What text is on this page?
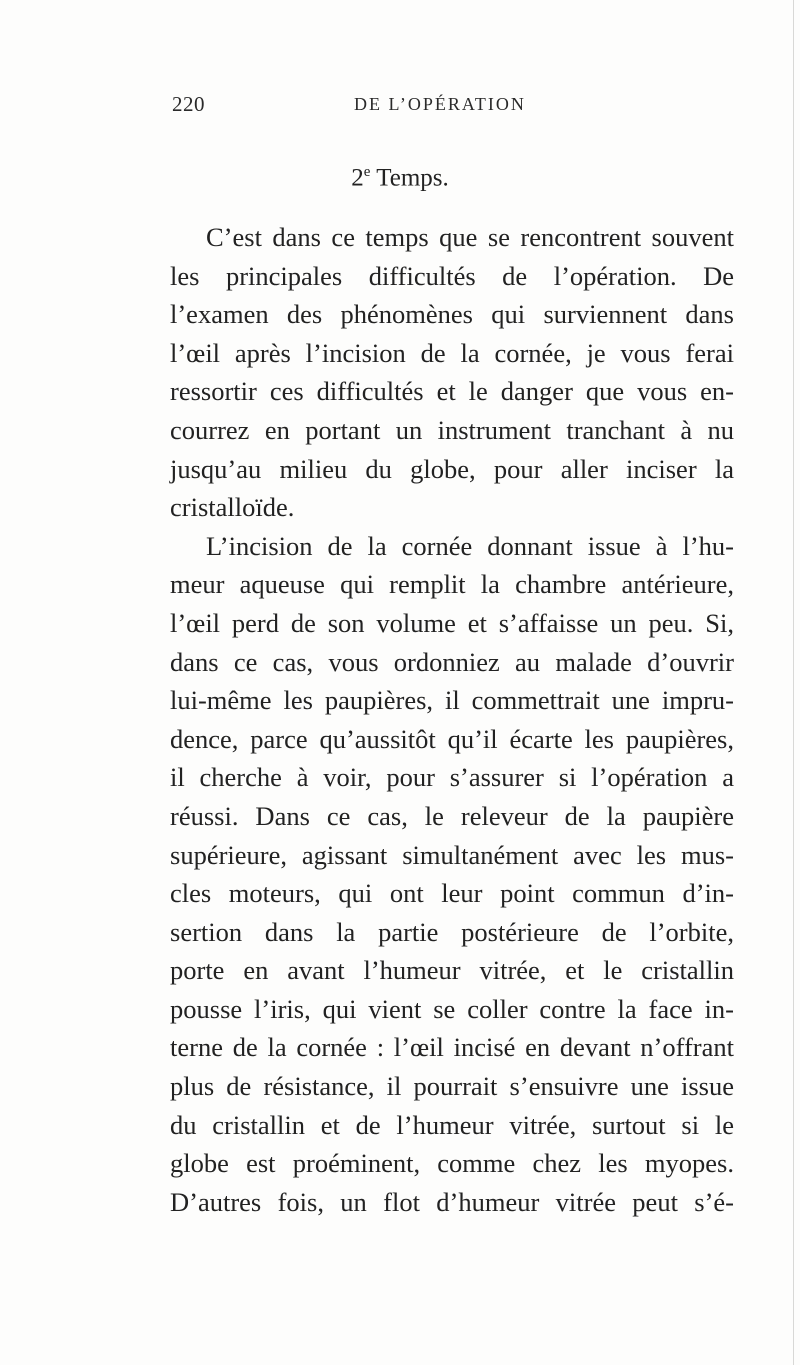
220	DE L’OPÉRATION
2e Temps.
C’est dans ce temps que se rencontrent souvent
les principales difficultés de l’opération. De
l’examen des phénomènes qui surviennent dans
l’œil après l’incision de la cornée, je vous ferai
ressortir ces difficultés et le danger que vous en-
courrez en portant un instrument tranchant à nu
jusqu’au milieu du globe, pour aller inciser la
cristalloïde.
L’incision de la cornée donnant issue à l’hu-
meur aqueuse qui remplit la chambre antérieure,
l’œil perd de son volume et s’affaisse un peu. Si,
dans ce cas, vous ordonniez au malade d’ouvrir
lui-même les paupières, il commettrait une impru-
dence, parce qu’aussitôt qu’il écarte les paupières,
il cherche à voir, pour s’assurer si l’opération a
réussi. Dans ce cas, le releveur de la paupière
supérieure, agissant simultanément avec les mus-
cles moteurs, qui ont leur point commun d’in-
sertion dans la partie postérieure de l’orbite,
porte en avant l’humeur vitrée, et le cristallin
pousse l’iris, qui vient se coller contre la face in-
terne de la cornée : l’œil incisé en devant n’offrant
plus de résistance, il pourrait s’ensuivre une issue
du cristallin et de l’humeur vitrée, surtout si le
globe est proéminent, comme chez les myopes.
D’autres fois, un flot d’humeur vitrée peut s’é-
